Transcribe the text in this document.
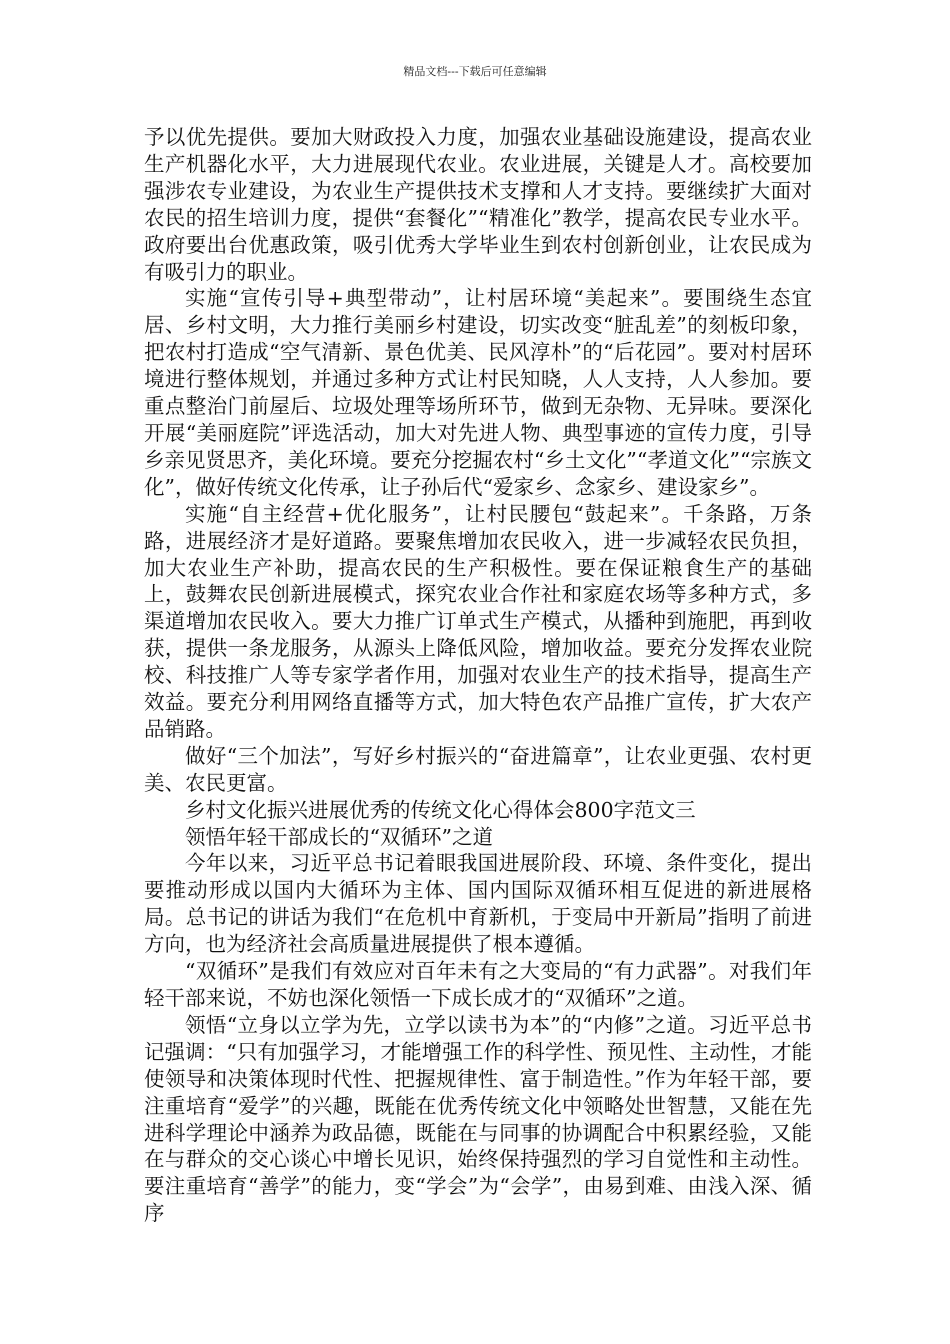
精品文档---下载后可任意编辑

予以优先提供。要加大财政投入力度，加强农业基础设施建设，提高农业生产机器化水平，大力进展现代农业。农业进展，关键是人才。高校要加强涉农专业建设，为农业生产提供技术支撑和人才支持。要继续扩大面对农民的招生培训力度，提供“套餐化”“精准化”教学，提高农民专业水平。政府要出台优惠政策，吸引优秀大学毕业生到农村创新创业，让农民成为有吸引力的职业。

实施“宣传引导+典型带动”，让村居环境“美起来”。要围绕生态宜居、乡村文明，大力推行美丽乡村建设，切实改变“脏乱差”的刻板印象，把农村打造成“空气清新、景色优美、民风淳朴”的“后花园”。要对村居环境进行整体规划，并通过多种方式让村民知晓，人人支持，人人参加。要重点整治门前屋后、垃圾处理等场所环节，做到无杂物、无异味。要深化开展“美丽庭院”评选活动，加大对先进人物、典型事迹的宣传力度，引导乡亲见贤思齐，美化环境。要充分挖掘农村“乡土文化”“孝道文化”“宗族文化”，做好传统文化传承，让子孙后代“爱家乡、念家乡、建设家乡”。

实施“自主经营+优化服务”，让村民腰包“鼓起来”。千条路，万条路，进展经济才是好道路。要聚焦增加农民收入，进一步减轻农民负担，加大农业生产补助，提高农民的生产积极性。要在保证粮食生产的基础上，鼓舞农民创新进展模式，探究农业合作社和家庭农场等多种方式，多渠道增加农民收入。要大力推广订单式生产模式，从播种到施肥，再到收获，提供一条龙服务，从源头上降低风险，增加收益。要充分发挥农业院校、科技推广人等专家学者作用，加强对农业生产的技术指导，提高生产效益。要充分利用网络直播等方式，加大特色农产品推广宣传，扩大农产品销路。

做好“三个加法”，写好乡村振兴的“奋进篇章”，让农业更强、农村更美、农民更富。

乡村文化振兴进展优秀的传统文化心得体会800字范文三

领悟年轻干部成长的“双循环”之道

今年以来，习近平总书记着眼我国进展阶段、环境、条件变化，提出要推动形成以国内大循环为主体、国内国际双循环相互促进的新进展格局。总书记的讲话为我们“在危机中育新机，于变局中开新局”指明了前进方向，也为经济社会高质量进展提供了根本遵循。

“双循环”是我们有效应对百年未有之大变局的“有力武器”。对我们年轻干部来说，不妨也深化领悟一下成长成才的“双循环”之道。

领悟“立身以立学为先，立学以读书为本”的“内修”之道。习近平总书记强调：“只有加强学习，才能增强工作的科学性、预见性、主动性，才能使领导和决策体现时代性、把握规律性、富于制造性。”作为年轻干部，要注重培育“爱学”的兴趣，既能在优秀传统文化中领略处世智慧，又能在先进科学理论中涵养为政品德，既能在与同事的协调配合中积累经验，又能在与群众的交心谈心中增长见识，始终保持强烈的学习自觉性和主动性。要注重培育“善学”的能力，变“学会”为“会学”，由易到难、由浅入深、循序
